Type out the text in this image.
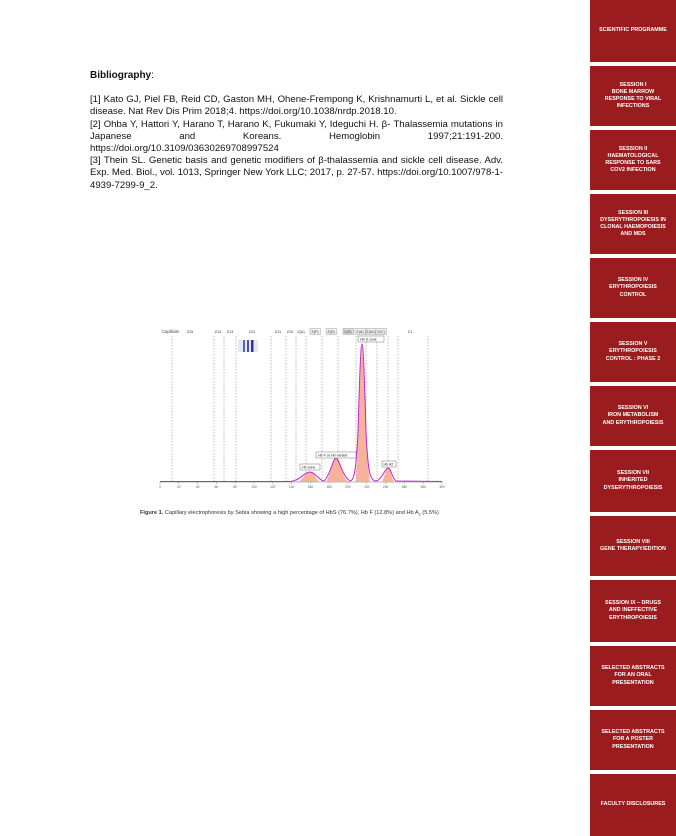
SCIENTIFIC PROGRAMME
SESSION I
BONE MARROW
RESPONSE TO VIRAL
INFECTIONS
SESSION II
HAEMATOLOGICAL
RESPONSE TO SARS
COV2 INFECTION
SESSION III
DYSERYTHROPOIESIS IN
CLONAL HAEMOPOIESIS
AND MDS
SESSION IV
ERYTHROPOIESIS
CONTROL
SESSION V
ERYTHROPOIESIS
CONTROL : PHASE 2
SESSION VI
IRON METABOLISM
AND ERYTHROPOIESIS
SESSION VII
INHERITED
DYSERYTHROPOIESIS
SESSION VIII
GENE THERAPY/EDITION
SESSION IX – DRUGS
AND INEFFECTIVE
ERYTHROPOIESIS
SELECTED ABSTRACTS
FOR AN ORAL
PRESENTATION
SELECTED ABSTRACTS
FOR A POSTER
PRESENTATION
FACULTY DISCLOSURES
Bibliography:

[1] Kato GJ, Piel FB, Reid CD, Gaston MH, Ohene-Frempong K, Krishnamurti L, et al. Sickle cell disease. Nat Rev Dis Prim 2018;4. https://doi.org/10.1038/nrdp.2018.10.

[2] Ohba Y, Hattori Y, Harano T, Harano K, Fukumaki Y, Ideguchi H. β- Thalassemia mutations in Japanese and Koreans. Hemoglobin 1997;21:191-200. https://doi.org/10.3109/03630269708997524

[3] Thein SL. Genetic basis and genetic modifiers of β-thalassemia and sickle cell disease. Adv. Exp. Med. Biol., vol. 1013, Springer New York LLC; 2017, p. 27-57. https://doi.org/10.1007/978-1-4939-7299-9_2.

Capillaire Z15	Z14 Z13	Z12	Z11 Z10 Z(A) Z(F) Z(D)	Z(S) Z(A) Z(A2) Z(C)	Z1
0	20	40	60	80	100	120	140	160	180	200	220	240	260	280	300
Hb S zone
Hb F or Hb variant
Hb zone
Hb A2
Figure 1. Capillary electrophoresis by Sebia showing a high percentage of HbS (76.7%), Hb F (12.8%) and Hb $A_2$ (5.5%)
